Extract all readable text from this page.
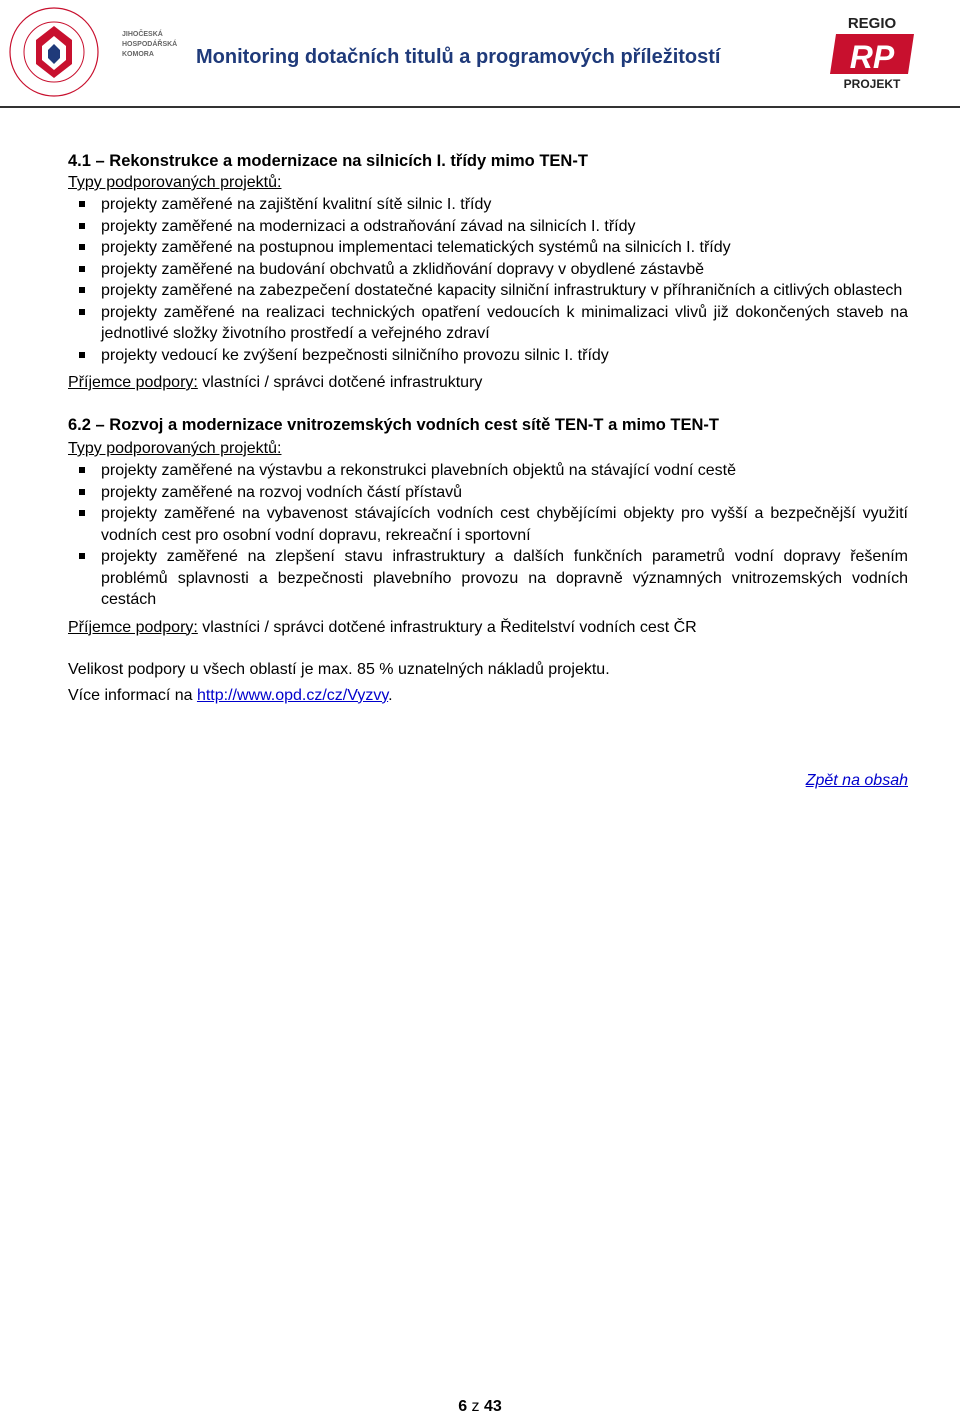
JIHOČESKÁ
HOSPODÁŘSKÁ
KOMORA Monitoring dotačních titulů a programových příležitostí
REGIO
RP
PROJEKT
4.1 – Rekonstrukce a modernizace na silnicích I. třídy mimo TEN-T
Typy podporovaných projektů:
projekty zaměřené na zajištění kvalitní sítě silnic I. třídy
projekty zaměřené na modernizaci a odstraňování závad na silnicích I. třídy
projekty zaměřené na postupnou implementaci telematických systémů na silnicích I. třídy
projekty zaměřené na budování obchvatů a zklidňování dopravy v obydlené zástavbě
projekty zaměřené na zabezpečení dostatečné kapacity silniční infrastruktury v příhraničních a citlivých oblastech
projekty zaměřené na realizaci technických opatření vedoucích k minimalizaci vlivů již dokončených staveb na jednotlivé složky životního prostředí a veřejného zdraví
projekty vedoucí ke zvýšení bezpečnosti silničního provozu silnic I. třídy
Příjemce podpory: vlastníci / správci dotčené infrastruktury
6.2 – Rozvoj a modernizace vnitrozemských vodních cest sítě TEN-T a mimo TEN-T
Typy podporovaných projektů:
projekty zaměřené na výstavbu a rekonstrukci plavebních objektů na stávající vodní cestě
projekty zaměřené na rozvoj vodních částí přístavů
projekty zaměřené na vybavenost stávajících vodních cest chybějícími objekty pro vyšší a bezpečnější využití vodních cest pro osobní vodní dopravu, rekreační i sportovní
projekty zaměřené na zlepšení stavu infrastruktury a dalších funkčních parametrů vodní dopravy řešením problémů splavnosti a bezpečnosti plavebního provozu na dopravně významných vnitrozemských vodních cestách
Příjemce podpory: vlastníci / správci dotčené infrastruktury a Ředitelství vodních cest ČR
Velikost podpory u všech oblastí je max. 85 % uznatelných nákladů projektu.
Více informací na http://www.opd.cz/cz/Vyzvy.
Zpět na obsah
6 z 43
